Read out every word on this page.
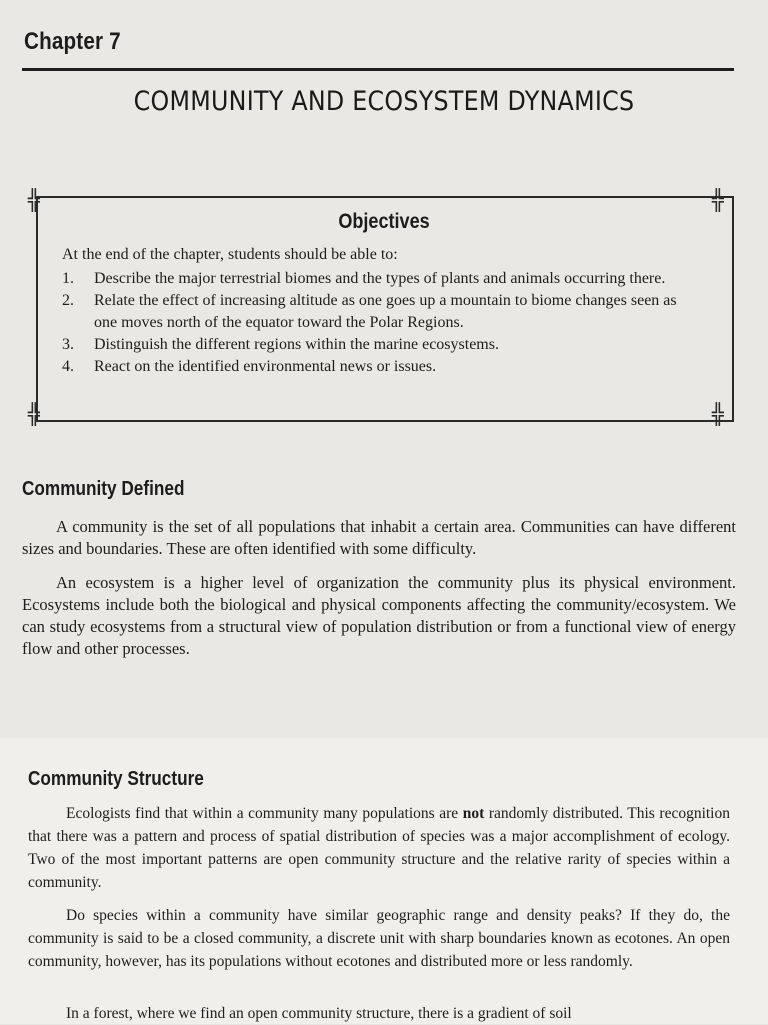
Chapter 7
COMMUNITY AND ECOSYSTEM DYNAMICS
╬	╬
╬	╬
Objectives
At the end of the chapter, students should be able to:
1. Describe the major terrestrial biomes and the types of plants and animals occurring there.
2. Relate the effect of increasing altitude as one goes up a mountain to biome changes seen as one moves north of the equator toward the Polar Regions.
3. Distinguish the different regions within the marine ecosystems.
4. React on the identified environmental news or issues.
Community Defined

A community is the set of all populations that inhabit a certain area. Communities can have different sizes and boundaries. These are often identified with some difficulty.

An ecosystem is a higher level of organization the community plus its physical environment. Ecosystems include both the biological and physical components affecting the community/ecosystem. We can study ecosystems from a structural view of population distribution or from a functional view of energy flow and other processes.

Community Structure

Ecologists find that within a community many populations are not randomly distributed. This recognition that there was a pattern and process of spatial distribution of species was a major accomplishment of ecology. Two of the most important patterns are open community structure and the relative rarity of species within a community.

Do species within a community have similar geographic range and density peaks? If they do, the community is said to be a closed community, a discrete unit with sharp boundaries known as ecotones. An open community, however, has its populations without ecotones and distributed more or less randomly.

In a forest, where we find an open community structure, there is a gradient of soil
